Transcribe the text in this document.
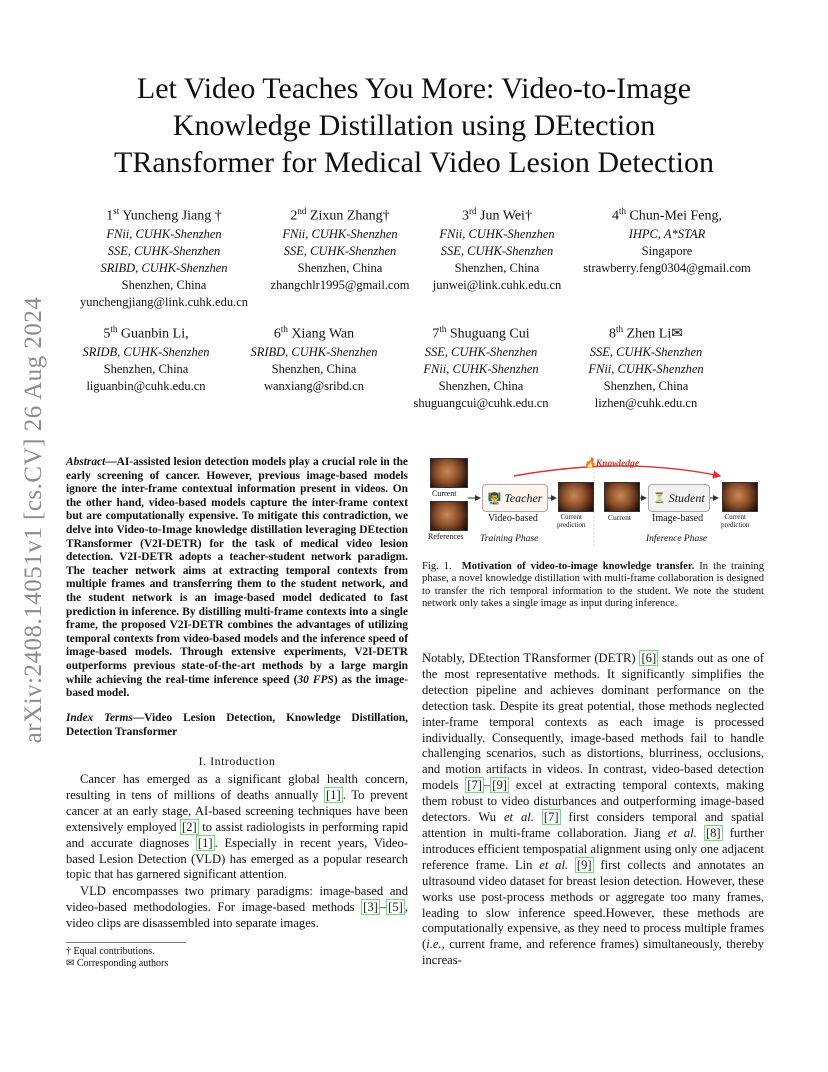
arXiv:2408.14051v1 [cs.CV] 26 Aug 2024
Let Video Teaches You More: Video-to-Image
Knowledge Distillation using DEtection
TRansformer for Medical Video Lesion Detection
1st Yuncheng Jiang †
FNii, CUHK-Shenzhen
SSE, CUHK-Shenzhen
SRIBD, CUHK-Shenzhen
Shenzhen, China
yunchengjiang@link.cuhk.edu.cn
2nd Zixun Zhang†
FNii, CUHK-Shenzhen
SSE, CUHK-Shenzhen
Shenzhen, China
zhangchlr1995@gmail.com
3rd Jun Wei†
FNii, CUHK-Shenzhen
SSE, CUHK-Shenzhen
Shenzhen, China
junwei@link.cuhk.edu.cn
4th Chun-Mei Feng,
IHPC, A*STAR
Singapore
strawberry.feng0304@gmail.com
5th Guanbin Li,
SRIDB, CUHK-Shenzhen
Shenzhen, China
liguanbin@cuhk.edu.cn
6th Xiang Wan
SRIBD, CUHK-Shenzhen
Shenzhen, China
wanxiang@sribd.cn
7th Shuguang Cui
SSE, CUHK-Shenzhen
FNii, CUHK-Shenzhen
Shenzhen, China
shuguangcui@cuhk.edu.cn
8th Zhen Li✉
SSE, CUHK-Shenzhen
FNii, CUHK-Shenzhen
Shenzhen, China
lizhen@cuhk.edu.cn
Abstract—AI-assisted lesion detection models play a crucial role in the early screening of cancer. However, previous image-based models ignore the inter-frame contextual information present in videos. On the other hand, video-based models capture the inter-frame context but are computationally expensive. To mitigate this contradiction, we delve into Video-to-Image knowledge distillation leveraging DEtection TRansformer (V2I-DETR) for the task of medical video lesion detection. V2I-DETR adopts a teacher-student network paradigm. The teacher network aims at extracting temporal contexts from multiple frames and transferring them to the student network, and the student network is an image-based model dedicated to fast prediction in inference. By distilling multi-frame contexts into a single frame, the proposed V2I-DETR combines the advantages of utilizing temporal contexts from video-based models and the inference speed of image-based models. Through extensive experiments, V2I-DETR outperforms previous state-of-the-art methods by a large margin while achieving the real-time inference speed (30 FPS) as the image-based model.
Index Terms—Video Lesion Detection, Knowledge Distillation, Detection Transformer
I. Introduction
Cancer has emerged as a significant global health concern, resulting in tens of millions of deaths annually [1] . To prevent cancer at an early stage, AI-based screening techniques have been extensively employed [2] to assist radiologists in performing rapid and accurate diagnoses [1] . Especially in recent years, Video-based Lesion Detection (VLD) has emerged as a popular research topic that has garnered significant attention.
VLD encompasses two primary paradigms: image-based and video-based methodologies. For image-based methods [3] – [5] , video clips are disassembled into separate images.
† Equal contributions.
✉ Corresponding authors
🔥Knowledge
Current
References
👨‍🏫 Teacher
Video-based
Training Phase
Current
prediction
Current
⏳ Student
Image-based
Inference Phase
Current
prediction
Fig. 1. Motivation of video-to-image knowledge transfer. In the training phase, a novel knowledge distillation with multi-frame collaboration is designed to transfer the rich temporal information to the student. We note the student network only takes a single image as input during inference.
Notably, DEtection TRansformer (DETR) [6] stands out as one of the most representative methods. It significantly simplifies the detection pipeline and achieves dominant performance on the detection task. Despite its great potential, those methods neglected inter-frame temporal contexts as each image is processed individually. Consequently, image-based methods fail to handle challenging scenarios, such as distortions, blurriness, occlusions, and motion artifacts in videos. In contrast, video-based detection models [7] – [9] excel at extracting temporal contexts, making them robust to video disturbances and outperforming image-based detectors. Wu et al. [7] first considers temporal and spatial attention in multi-frame collaboration. Jiang et al. [8] further introduces efficient tempospatial alignment using only one adjacent reference frame. Lin et al. [9] first collects and annotates an ultrasound video dataset for breast lesion detection. However, these works use post-process methods or aggregate too many frames, leading to slow inference speed.However, these methods are computationally expensive, as they need to process multiple frames (i.e., current frame, and reference frames) simultaneously, thereby increas-
